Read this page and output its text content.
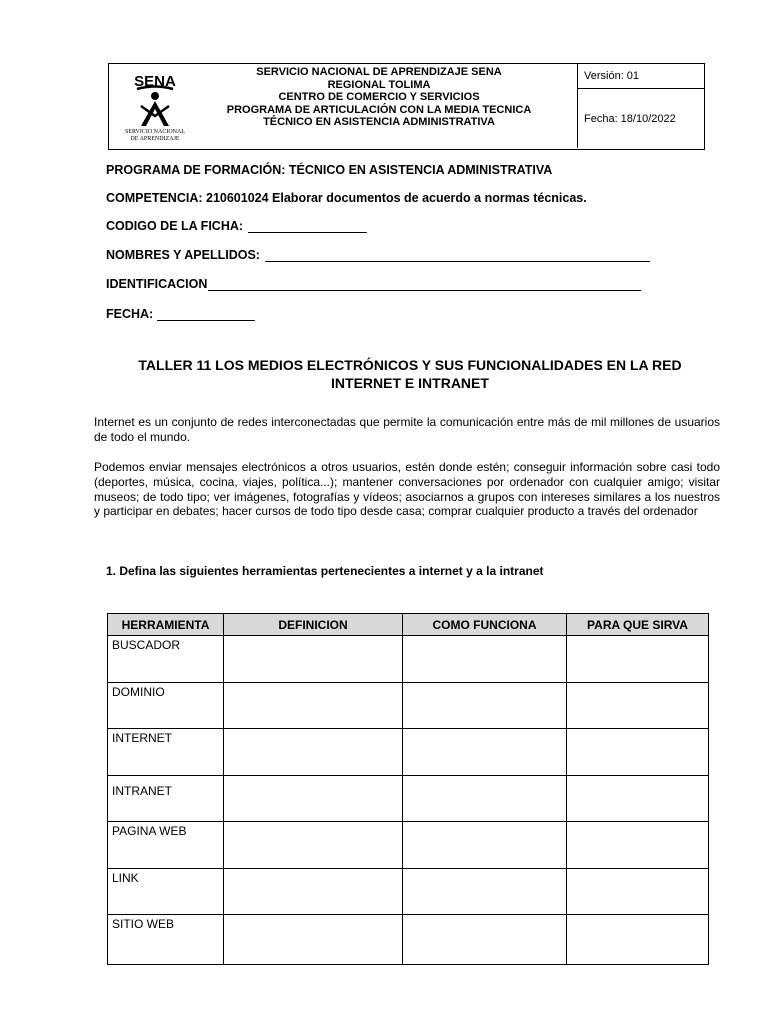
SENA
SERVICIO NACIONAL
DE APRENDIZAJE
SERVICIO NACIONAL DE APRENDIZAJE SENA
REGIONAL TOLIMA
CENTRO DE COMERCIO Y SERVICIOS
PROGRAMA DE ARTICULACIÓN CON LA MEDIA TECNICA
TÉCNICO EN ASISTENCIA ADMINISTRATIVA
Versión: 01
Fecha: 18/10/2022
PROGRAMA DE FORMACIÓN: TÉCNICO EN ASISTENCIA ADMINISTRATIVA
COMPETENCIA: 210601024 Elaborar documentos de acuerdo a normas técnicas.
CODIGO DE LA FICHA:
NOMBRES Y APELLIDOS:
IDENTIFICACION
FECHA:
TALLER 11 LOS MEDIOS ELECTRÓNICOS Y SUS FUNCIONALIDADES EN LA RED
INTERNET E INTRANET
Internet es un conjunto de redes interconectadas que permite la comunicación entre más de mil millones de usuarios de todo el mundo.
Podemos enviar mensajes electrónicos a otros usuarios, estén donde estén; conseguir información sobre casi todo (deportes, música, cocina, viajes, política...); mantener conversaciones por ordenador con cualquier amigo; visitar museos; de todo tipo; ver imágenes, fotografías y vídeos; asociarnos a grupos con intereses similares a los nuestros y participar en debates; hacer cursos de todo tipo desde casa; comprar cualquier producto a través del ordenador
1. Defina las siguientes herramientas pertenecientes a internet y a la intranet
HERRAMIENTA	DEFINICION	COMO FUNCIONA	PARA QUE SIRVA
BUSCADOR			
DOMINIO			
INTERNET			
INTRANET			
PAGINA WEB			
LINK			
SITIO WEB			
